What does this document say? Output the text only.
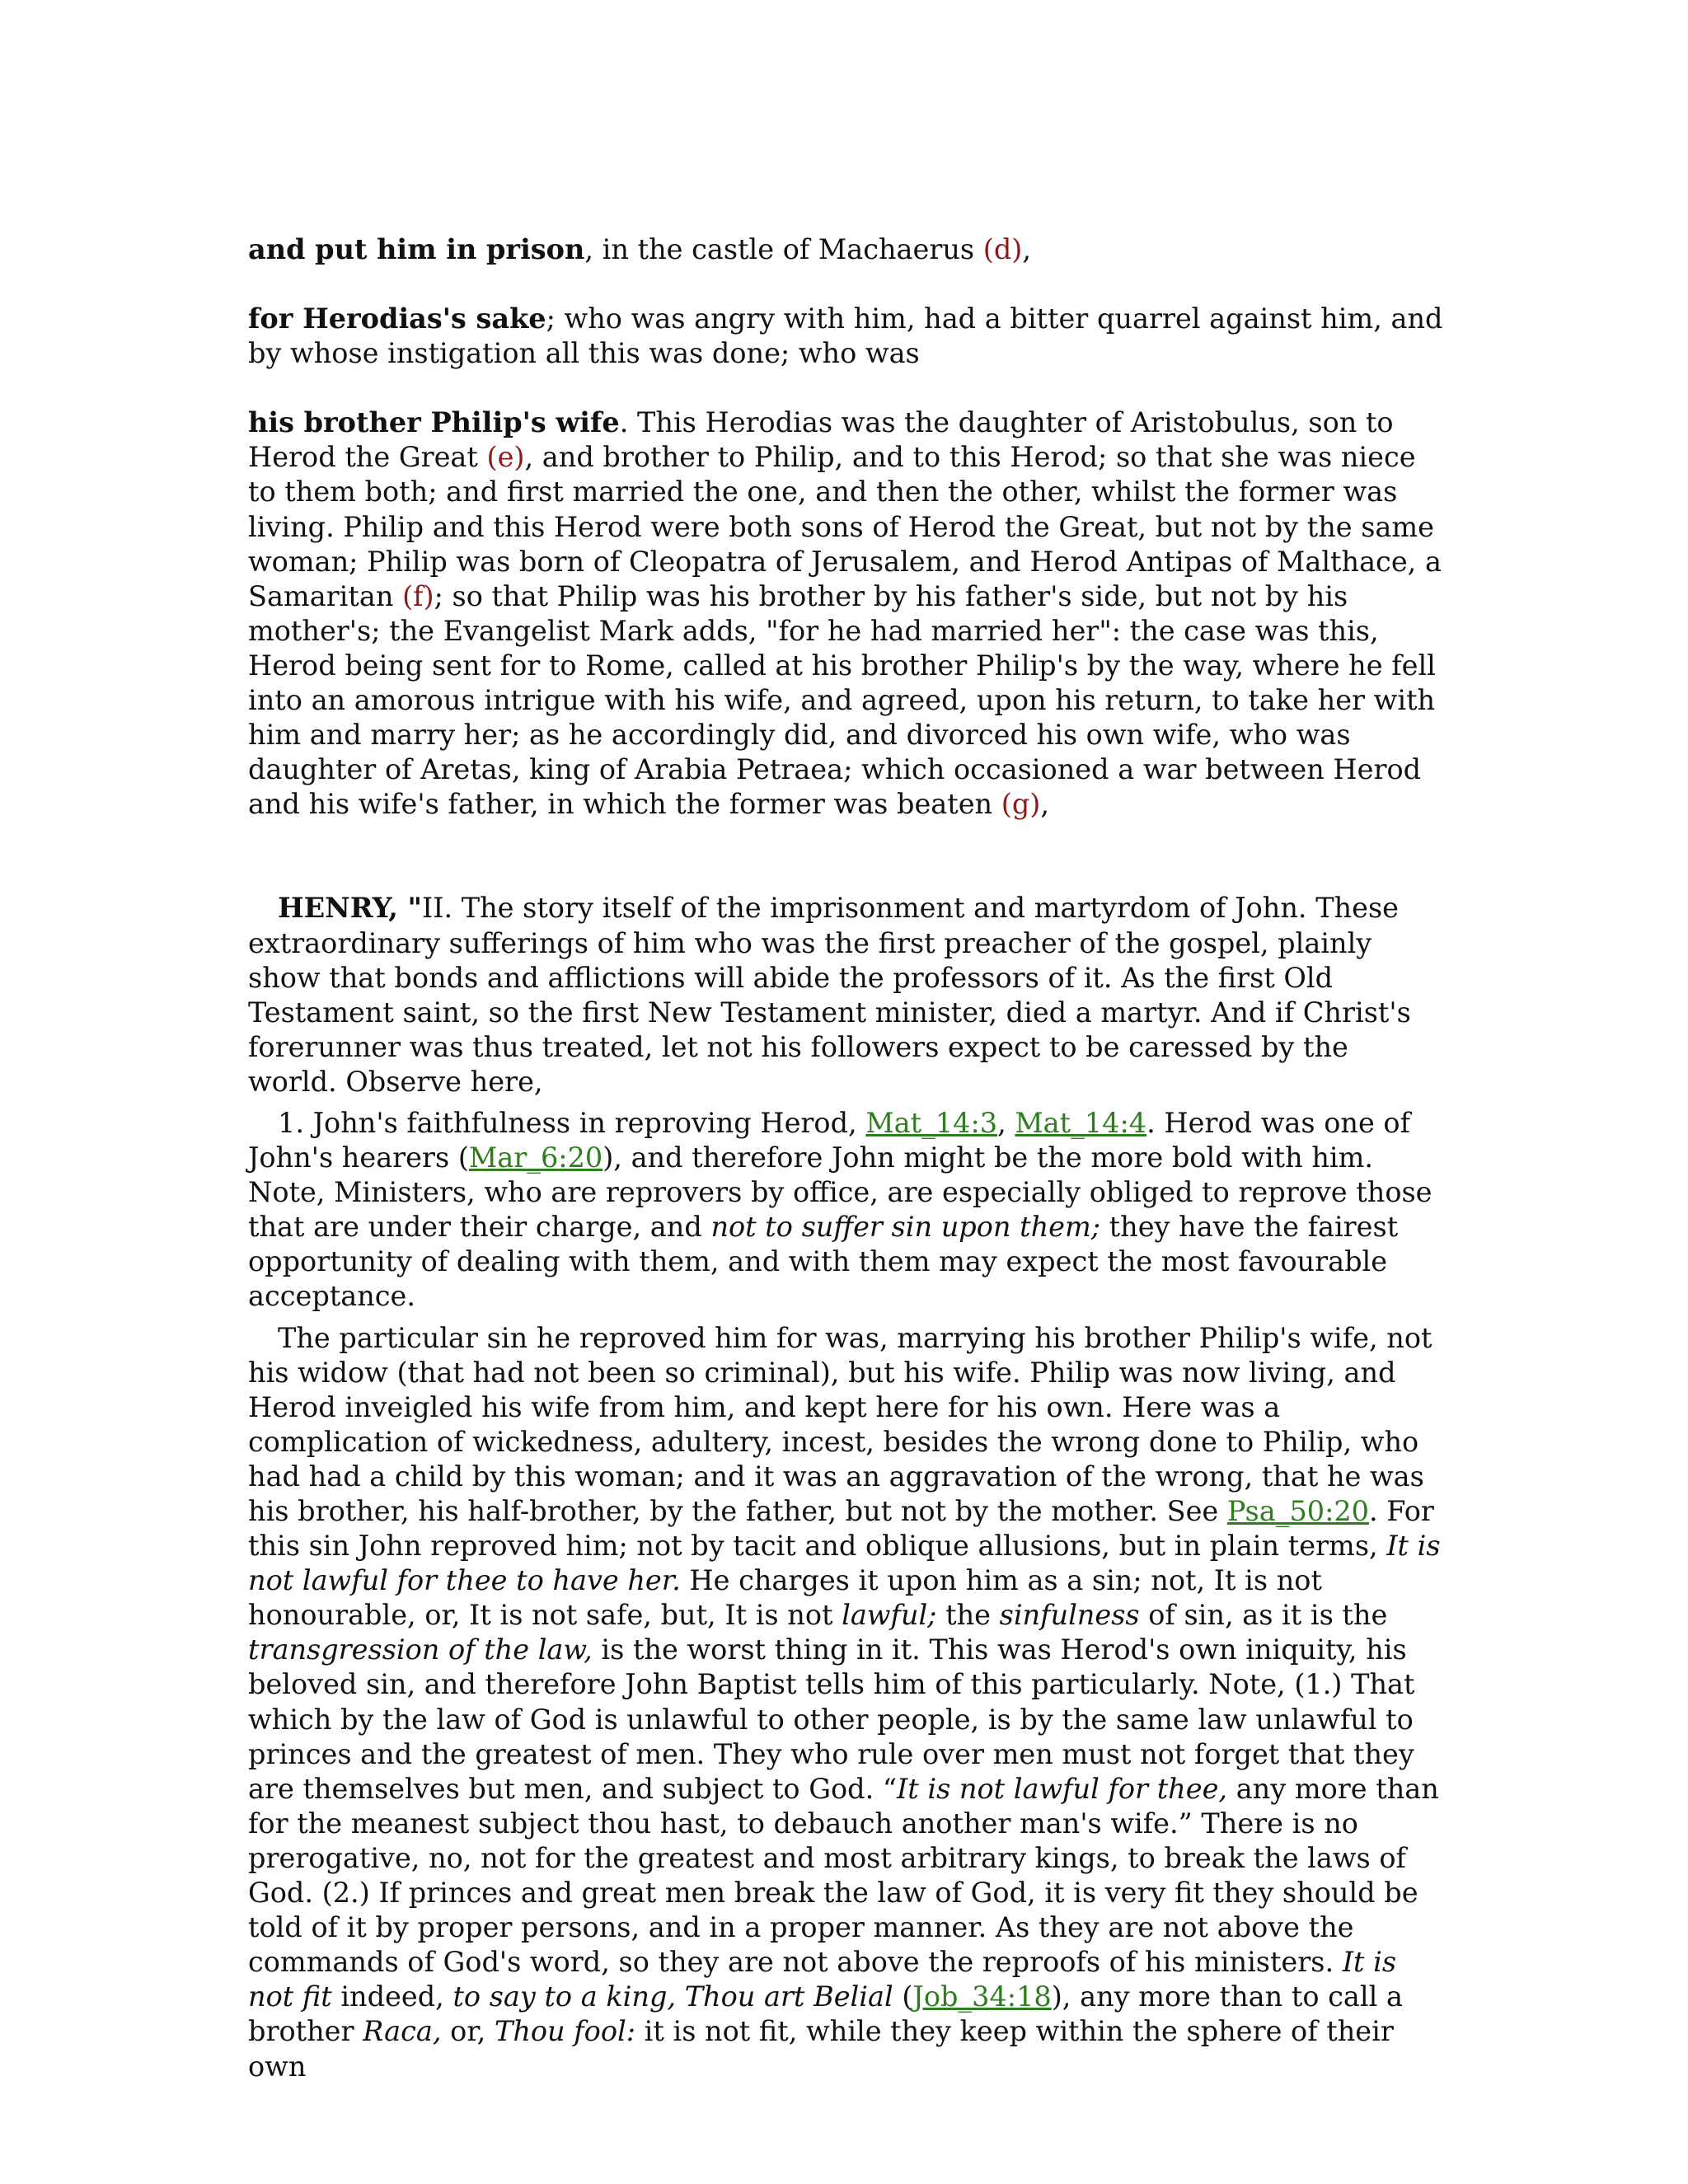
and put him in prison, in the castle of Machaerus (d),

for Herodias's sake; who was angry with him, had a bitter quarrel against him, and by whose instigation all this was done; who was

his brother Philip's wife. This Herodias was the daughter of Aristobulus, son to Herod the Great (e), and brother to Philip, and to this Herod; so that she was niece to them both; and first married the one, and then the other, whilst the former was living. Philip and this Herod were both sons of Herod the Great, but not by the same woman; Philip was born of Cleopatra of Jerusalem, and Herod Antipas of Malthace, a Samaritan (f); so that Philip was his brother by his father's side, but not by his mother's; the Evangelist Mark adds, "for he had married her": the case was this, Herod being sent for to Rome, called at his brother Philip's by the way, where he fell into an amorous intrigue with his wife, and agreed, upon his return, to take her with him and marry her; as he accordingly did, and divorced his own wife, who was daughter of Aretas, king of Arabia Petraea; which occasioned a war between Herod and his wife's father, in which the former was beaten (g),

HENRY, "II. The story itself of the imprisonment and martyrdom of John. These extraordinary sufferings of him who was the first preacher of the gospel, plainly show that bonds and afflictions will abide the professors of it. As the first Old Testament saint, so the first New Testament minister, died a martyr. And if Christ's forerunner was thus treated, let not his followers expect to be caressed by the world. Observe here,

1. John's faithfulness in reproving Herod, Mat_14:3, Mat_14:4. Herod was one of John's hearers (Mar_6:20), and therefore John might be the more bold with him. Note, Ministers, who are reprovers by office, are especially obliged to reprove those that are under their charge, and not to suffer sin upon them; they have the fairest opportunity of dealing with them, and with them may expect the most favourable acceptance.

The particular sin he reproved him for was, marrying his brother Philip's wife, not his widow (that had not been so criminal), but his wife. Philip was now living, and Herod inveigled his wife from him, and kept here for his own. Here was a complication of wickedness, adultery, incest, besides the wrong done to Philip, who had had a child by this woman; and it was an aggravation of the wrong, that he was his brother, his half-brother, by the father, but not by the mother. See Psa_50:20. For this sin John reproved him; not by tacit and oblique allusions, but in plain terms, It is not lawful for thee to have her. He charges it upon him as a sin; not, It is not honourable, or, It is not safe, but, It is not lawful; the sinfulness of sin, as it is the transgression of the law, is the worst thing in it. This was Herod's own iniquity, his beloved sin, and therefore John Baptist tells him of this particularly. Note, (1.) That which by the law of God is unlawful to other people, is by the same law unlawful to princes and the greatest of men. They who rule over men must not forget that they are themselves but men, and subject to God. “It is not lawful for thee, any more than for the meanest subject thou hast, to debauch another man's wife.” There is no prerogative, no, not for the greatest and most arbitrary kings, to break the laws of God. (2.) If princes and great men break the law of God, it is very fit they should be told of it by proper persons, and in a proper manner. As they are not above the commands of God's word, so they are not above the reproofs of his ministers. It is not fit indeed, to say to a king, Thou art Belial (Job_34:18), any more than to call a brother Raca, or, Thou fool: it is not fit, while they keep within the sphere of their own
